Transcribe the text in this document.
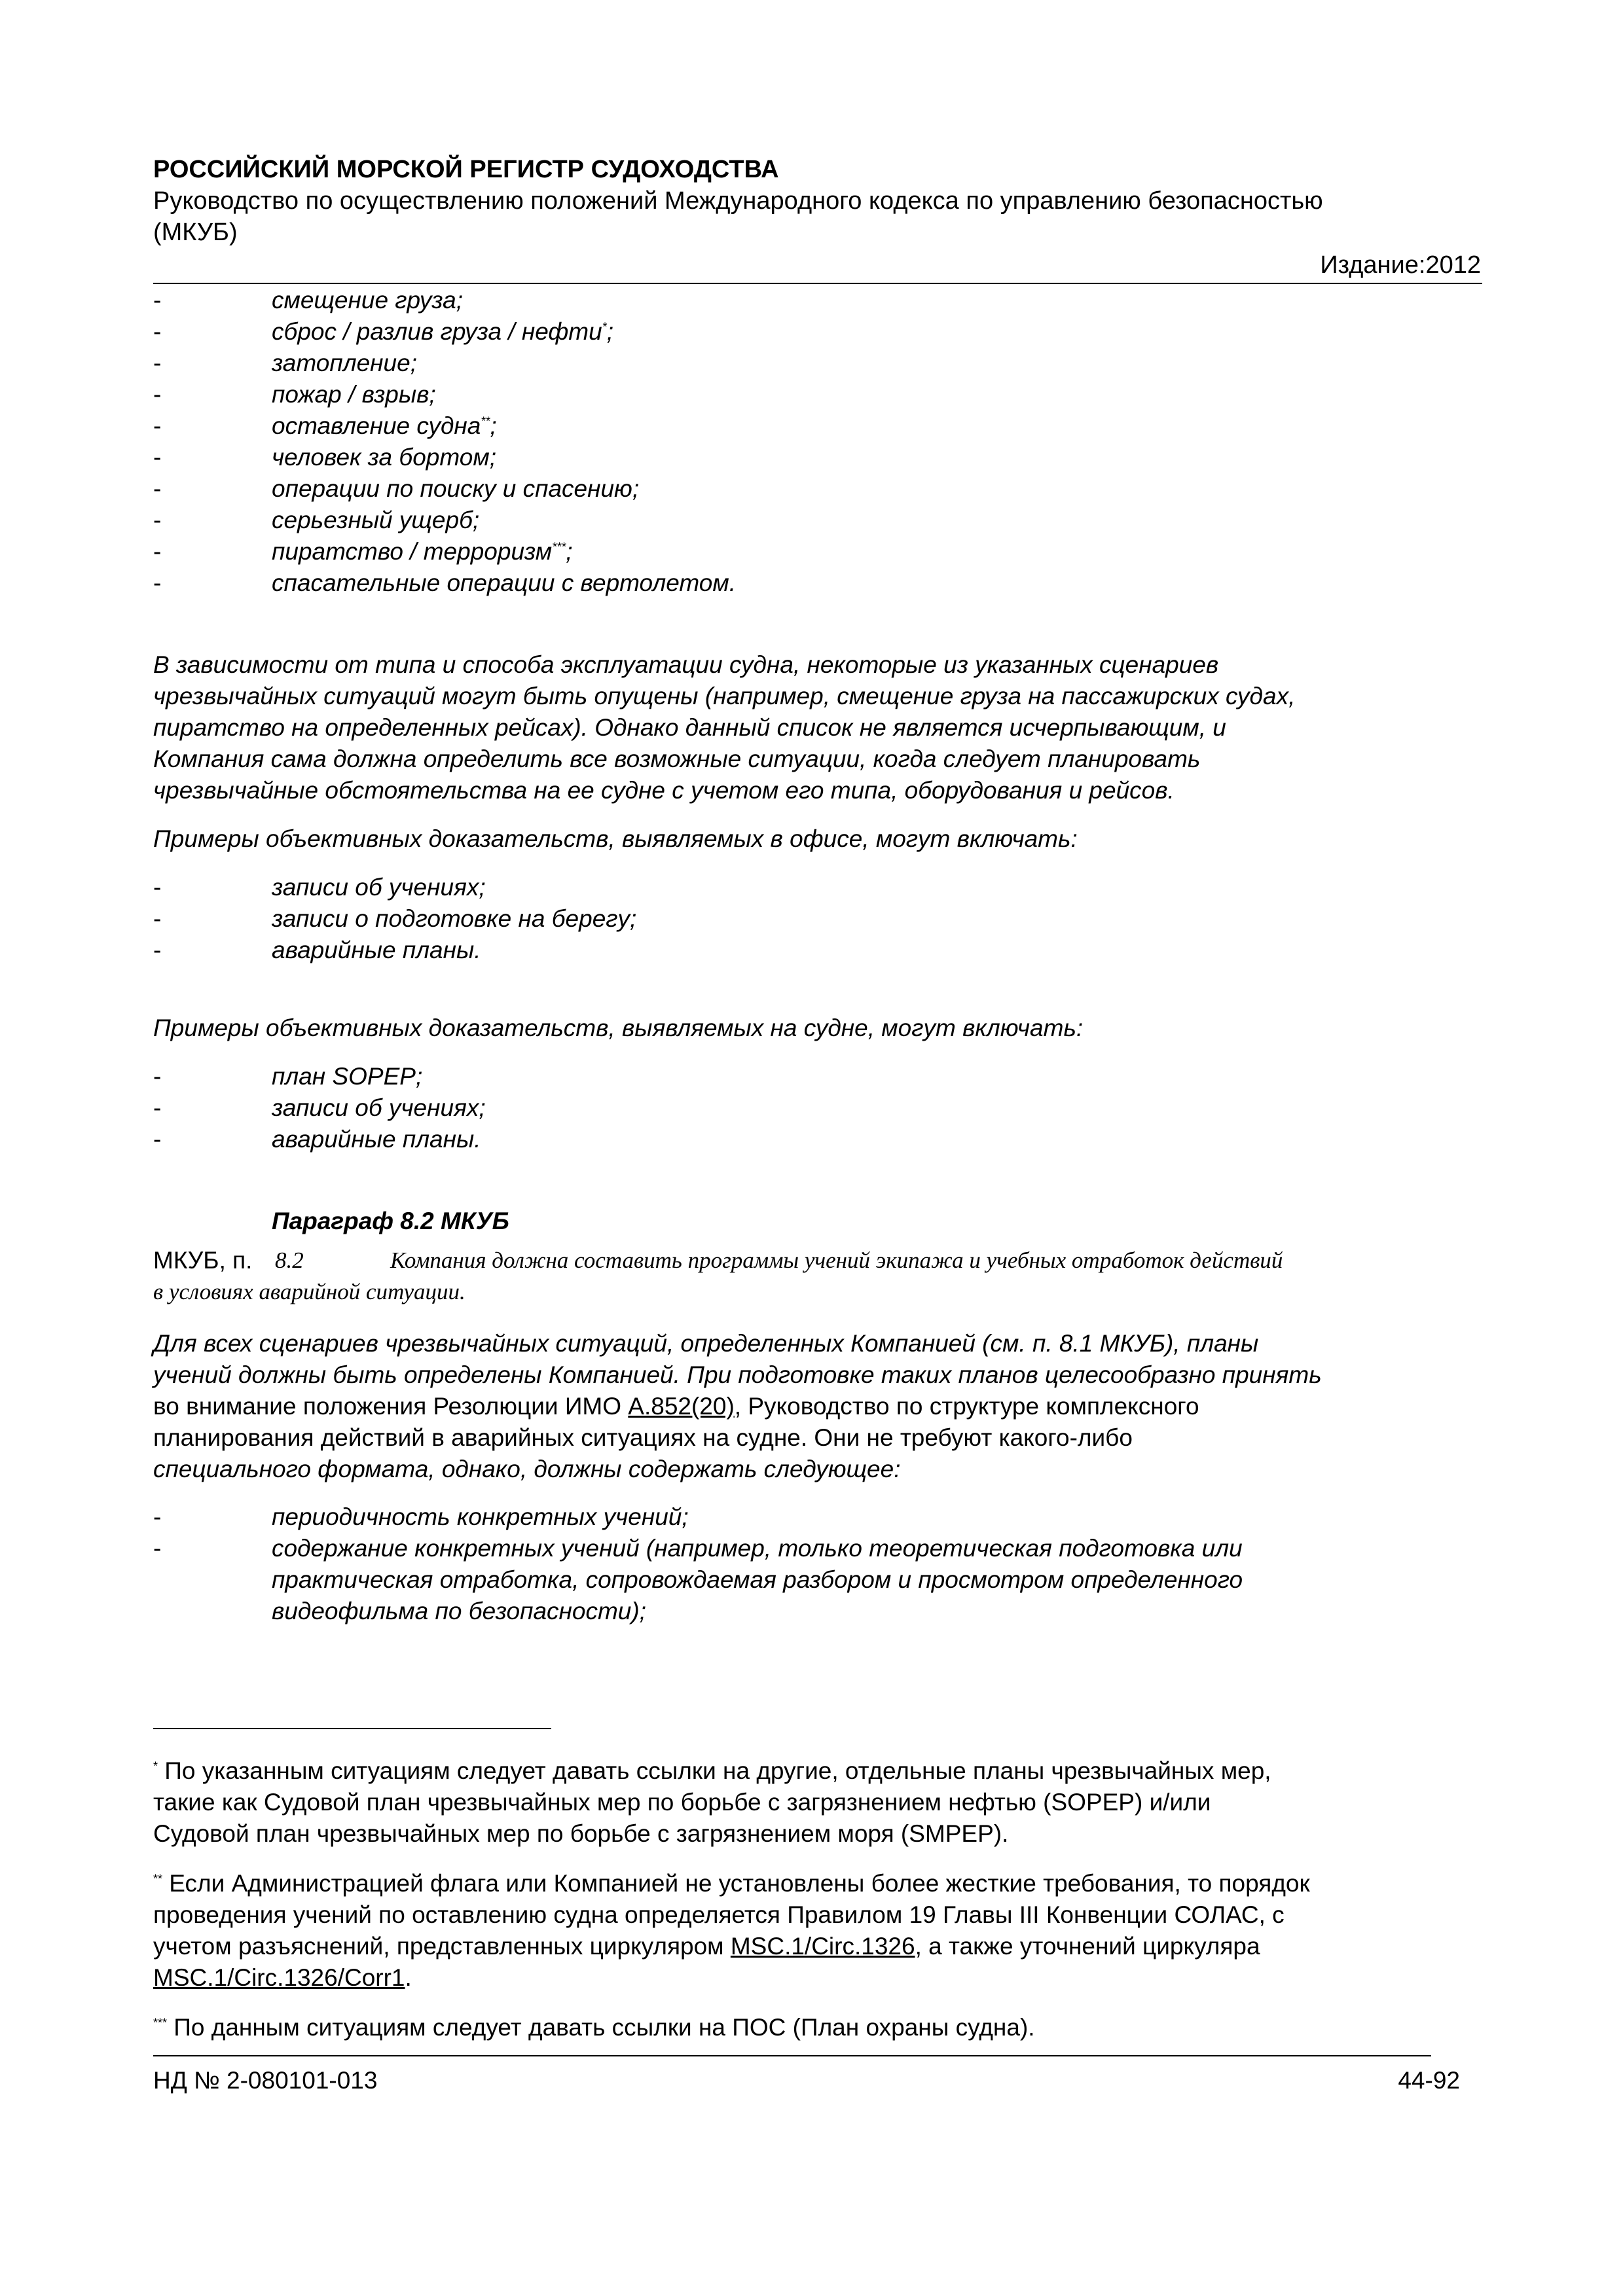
РОССИЙСКИЙ МОРСКОЙ РЕГИСТР СУДОХОДСТВА
Руководство по осуществлению положений Международного кодекса по управлению безопасностью
(МКУБ)
Издание:2012
-	смещение груза;
-	сброс / разлив груза / нефти*;
-	затопление;
-	пожар / взрыв;
-	оставление судна**;
-	человек за бортом;
-	операции по поиску и спасению;
-	серьезный ущерб;
-	пиратство / терроризм***;
-	спасательные операции с вертолетом.
В зависимости от типа и способа эксплуатации судна, некоторые из указанных сценариев
чрезвычайных ситуаций могут быть опущены (например, смещение груза на пассажирских судах,
пиратство на определенных рейсах). Однако данный список не является исчерпывающим, и
Компания сама должна определить все возможные ситуации, когда следует планировать
чрезвычайные обстоятельства на ее судне с учетом его типа, оборудования и рейсов.
Примеры объективных доказательств, выявляемых в офисе, могут включать:
-	записи об учениях;
-	записи о подготовке на берегу;
-	аварийные планы.
Примеры объективных доказательств, выявляемых на судне, могут включать:
-	план SOPEP;
-	записи об учениях;
-	аварийные планы.
Параграф 8.2 МКУБ
МКУБ, п. 8.2	Компания должна составить программы учений экипажа и учебных отработок действий
в условиях аварийной ситуации.
Для всех сценариев чрезвычайных ситуаций, определенных Компанией (см. п. 8.1 МКУБ), планы
учений должны быть определены Компанией. При подготовке таких планов целесообразно принять
во внимание положения Резолюции ИМО A.852(20), Руководство по структуре комплексного
планирования действий в аварийных ситуациях на судне. Они не требуют какого-либо
специального формата, однако, должны содержать следующее:
-	периодичность конкретных учений;
-	содержание конкретных учений (например, только теоретическая подготовка или
практическая отработка, сопровождаемая разбором и просмотром определенного
видеофильма по безопасности);
* По указанным ситуациям следует давать ссылки на другие, отдельные планы чрезвычайных мер,
такие как Судовой план чрезвычайных мер по борьбе с загрязнением нефтью (SOPEP) и/или
Судовой план чрезвычайных мер по борьбе с загрязнением моря (SMPEP).
** Если Администрацией флага или Компанией не установлены более жесткие требования, то порядок
проведения учений по оставлению судна определяется Правилом 19 Главы III Конвенции СОЛАС, с
учетом разъяснений, представленных циркуляром MSC.1/Circ.1326, а также уточнений циркуляра
MSC.1/Circ.1326/Corr1.
*** По данным ситуациям следует давать ссылки на ПОС (План охраны судна).
НД № 2-080101-013	44-92
